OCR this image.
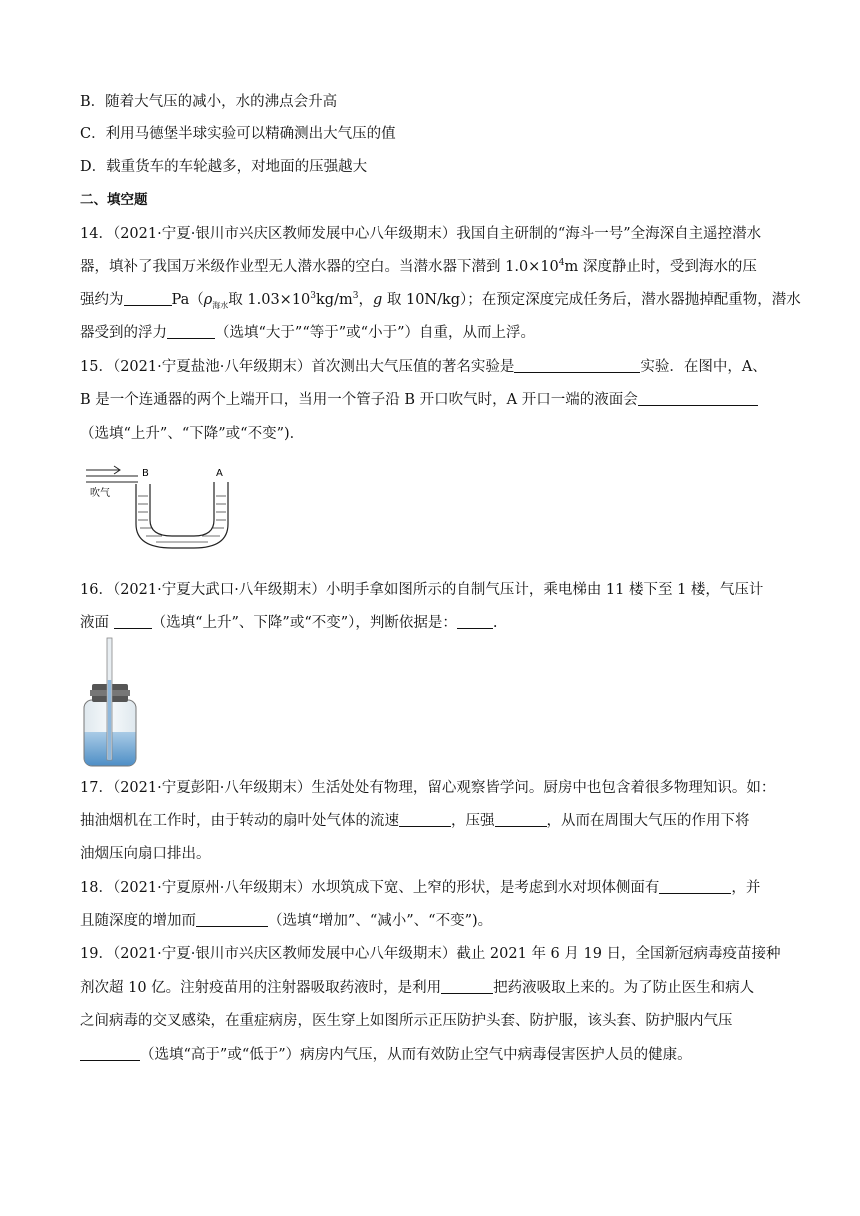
B．随着大气压的减小，水的沸点会升高
C．利用马德堡半球实验可以精确测出大气压的值
D．载重货车的车轮越多，对地面的压强越大
二、填空题
14．（2021·宁夏·银川市兴庆区教师发展中心八年级期末）我国自主研制的“海斗一号”全海深自主遥控潜水
器，填补了我国万米级作业型无人潜水器的空白。当潜水器下潜到 $1.0\times 10^4m$ 深度静止时，受到海水的压
强约为	$Pa(\rho_{海水}$取 $1.03\times 10^3kg/m^3$，g 取 10N/kg）；在预定深度完成任务后，潜水器抛掉配重物，潜水
器受到的浮力	（选填“大于”“等于”或“小于”）自重，从而上浮。
15．（2021·宁夏盐池·八年级期末）首次测出大气压值的著名实验是	实验．在图中，A、
B 是一个连通器的两个上端开口，当用一个管子沿 B 开口吹气时，A 开口一端的液面会
（选填“上升”、“下降”或“不变”)．
吹气
B	A
16．（2021·宁夏大武口·八年级期末）小明手拿如图所示的自制气压计，乘电梯由 11 楼下至 1 楼，气压计
液面	（选填“上升”、下降”或“不变”），判断依据是： .
17．（2021·宁夏彭阳·八年级期末）生活处处有物理，留心观察皆学问。厨房中也包含着很多物理知识。如：
抽油烟机在工作时，由于转动的扇叶处气体的流速	，压强	，从而在周围大气压的作用下将
油烟压向扇口排出。
18．（2021·宁夏原州·八年级期末）水坝筑成下宽、上窄的形状，是考虑到水对坝体侧面有	，并
且随深度的增加而	（选填“增加”、“减小”、“不变”)。
19．（2021·宁夏·银川市兴庆区教师发展中心八年级期末）截止 2021 年 6 月 19 日，全国新冠病毒疫苗接种
剂次超 10 亿。注射疫苗用的注射器吸取药液时，是利用	把药液吸取上来的。为了防止医生和病人
之间病毒的交叉感染，在重症病房，医生穿上如图所示正压防护头套、防护服，该头套、防护服内气压
（选填“高于”或“低于”）病房内气压，从而有效防止空气中病毒侵害医护人员的健康。
